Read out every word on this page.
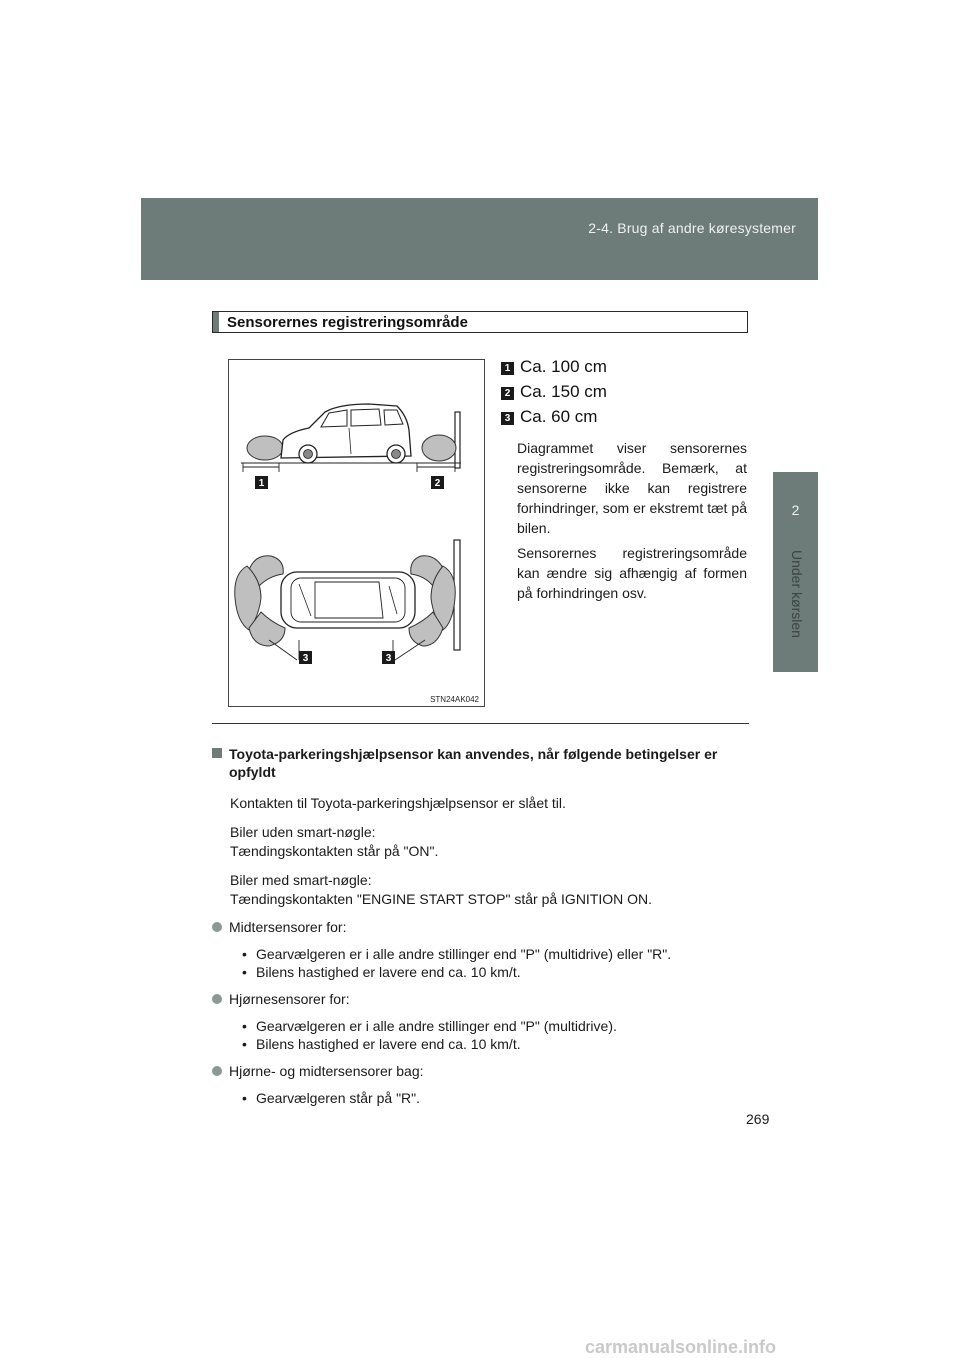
2-4. Brug af andre køresystemer
2
Under kørslen
Sensorernes registreringsområde
1	2
3	3
STN24AK042
1 Ca. 100 cm
2 Ca. 150 cm
3 Ca. 60 cm
Diagrammet viser sensorernes registreringsområde. Bemærk, at sensorerne ikke kan registrere forhindringer, som er ekstremt tæt på bilen.
Sensorernes registreringsområde kan ændre sig afhængig af formen på forhindringen osv.
Toyota-parkeringshjælpsensor kan anvendes, når følgende betingelser er opfyldt
Kontakten til Toyota-parkeringshjælpsensor er slået til.
Biler uden smart-nøgle:
Tændingskontakten står på "ON".
Biler med smart-nøgle:
Tændingskontakten "ENGINE START STOP" står på IGNITION ON.
Midtersensorer for:
• Gearvælgeren er i alle andre stillinger end "P" (multidrive) eller "R".
• Bilens hastighed er lavere end ca. 10 km/t.
Hjørnesensorer for:
• Gearvælgeren er i alle andre stillinger end "P" (multidrive).
• Bilens hastighed er lavere end ca. 10 km/t.
Hjørne- og midtersensorer bag:
• Gearvælgeren står på "R".
269
carmanualsonline.info
